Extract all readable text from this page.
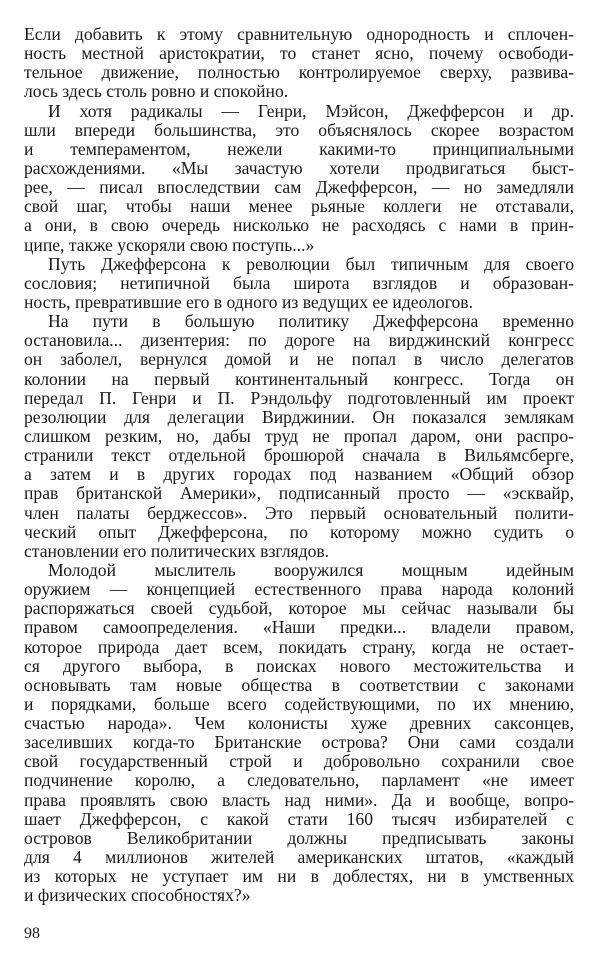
Если добавить к этому сравнительную однородность и сплочен-
ность местной аристократии, то станет ясно, почему освободи-
тельное движение, полностью контролируемое сверху, развива-
лось здесь столь ровно и спокойно.
И хотя радикалы — Генри, Мэйсон, Джефферсон и др.
шли впереди большинства, это объяснялось скорее возрастом
и темпераментом, нежели какими-то принципиальными
расхождениями. «Мы зачастую хотели продвигаться быст-
рее, — писал впоследствии сам Джефферсон, — но замедляли
свой шаг, чтобы наши менее рьяные коллеги не отставали,
а они, в свою очередь нисколько не расходясь с нами в прин-
ципе, также ускоряли свою поступь...»
Путь Джефферсона к революции был типичным для своего
сословия; нетипичной была широта взглядов и образован-
ность, превратившие его в одного из ведущих ее идеологов.
На пути в большую политику Джефферсона временно
остановила... дизентерия: по дороге на вирджинский конгресс
он заболел, вернулся домой и не попал в число делегатов
колонии на первый континентальный конгресс. Тогда он
передал П. Генри и П. Рэндольфу подготовленный им проект
резолюции для делегации Вирджинии. Он показался землякам
слишком резким, но, дабы труд не пропал даром, они распро-
странили текст отдельной брошюрой сначала в Вильямсберге,
а затем и в других городах под названием «Общий обзор
прав британской Америки», подписанный просто — «эсквайр,
член палаты берджессов». Это первый основательный полити-
ческий опыт Джефферсона, по которому можно судить о
становлении его политических взглядов.
Молодой мыслитель вооружился мощным идейным
оружием — концепцией естественного права народа колоний
распоряжаться своей судьбой, которое мы сейчас называли бы
правом самоопределения. «Наши предки... владели правом,
которое природа дает всем, покидать страну, когда не остает-
ся другого выбора, в поисках нового местожительства и
основывать там новые общества в соответствии с законами
и порядками, больше всего содействующими, по их мнению,
счастью народа». Чем колонисты хуже древних саксонцев,
заселивших когда-то Британские острова? Они сами создали
свой государственный строй и добровольно сохранили свое
подчинение королю, а следовательно, парламент «не имеет
права проявлять свою власть над ними». Да и вообще, вопро-
шает Джефферсон, с какой стати 160 тысяч избирателей с
островов Великобритании должны предписывать законы
для 4 миллионов жителей американских штатов, «каждый
из которых не уступает им ни в доблестях, ни в умственных
и физических способностях?»
98
